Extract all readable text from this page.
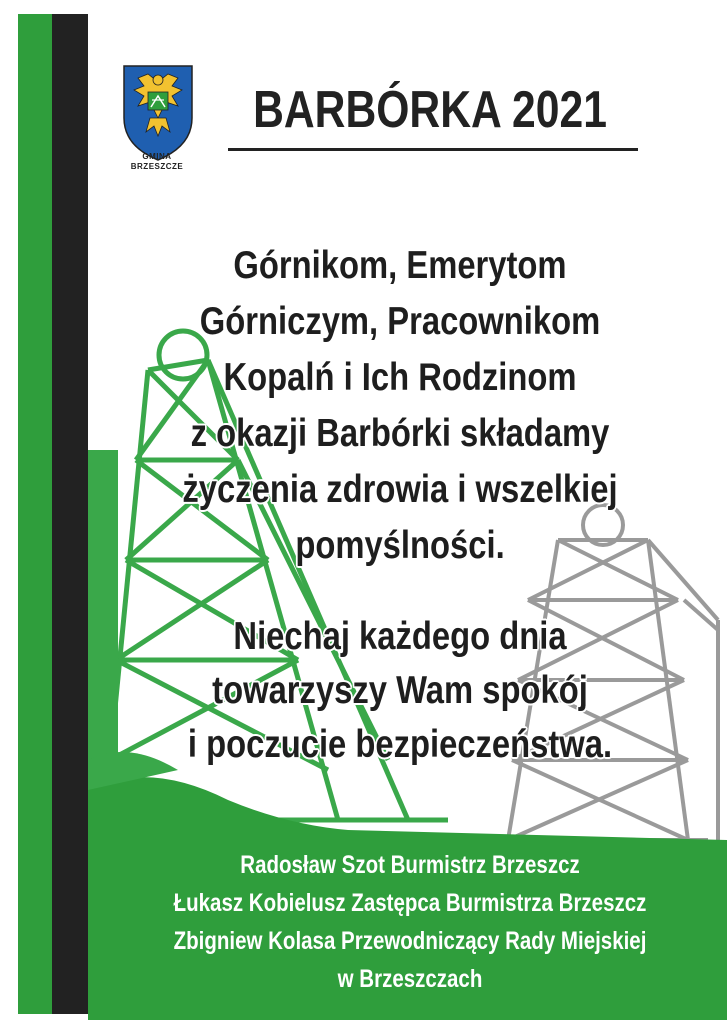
GMINA
BRZESZCZE
BARBÓRKA 2021

Górnikom, Emerytom

Górniczym, Pracownikom

Kopalń i Ich Rodzinom

z okazji Barbórki składamy

życzenia zdrowia i wszelkiej

pomyślności.

Niechaj każdego dnia

towarzyszy Wam spokój

i poczucie bezpieczeństwa.

Radosław Szot Burmistrz Brzeszcz

Łukasz Kobielusz Zastępca Burmistrza Brzeszcz

Zbigniew Kolasa Przewodniczący Rady Miejskiej

w Brzeszczach
